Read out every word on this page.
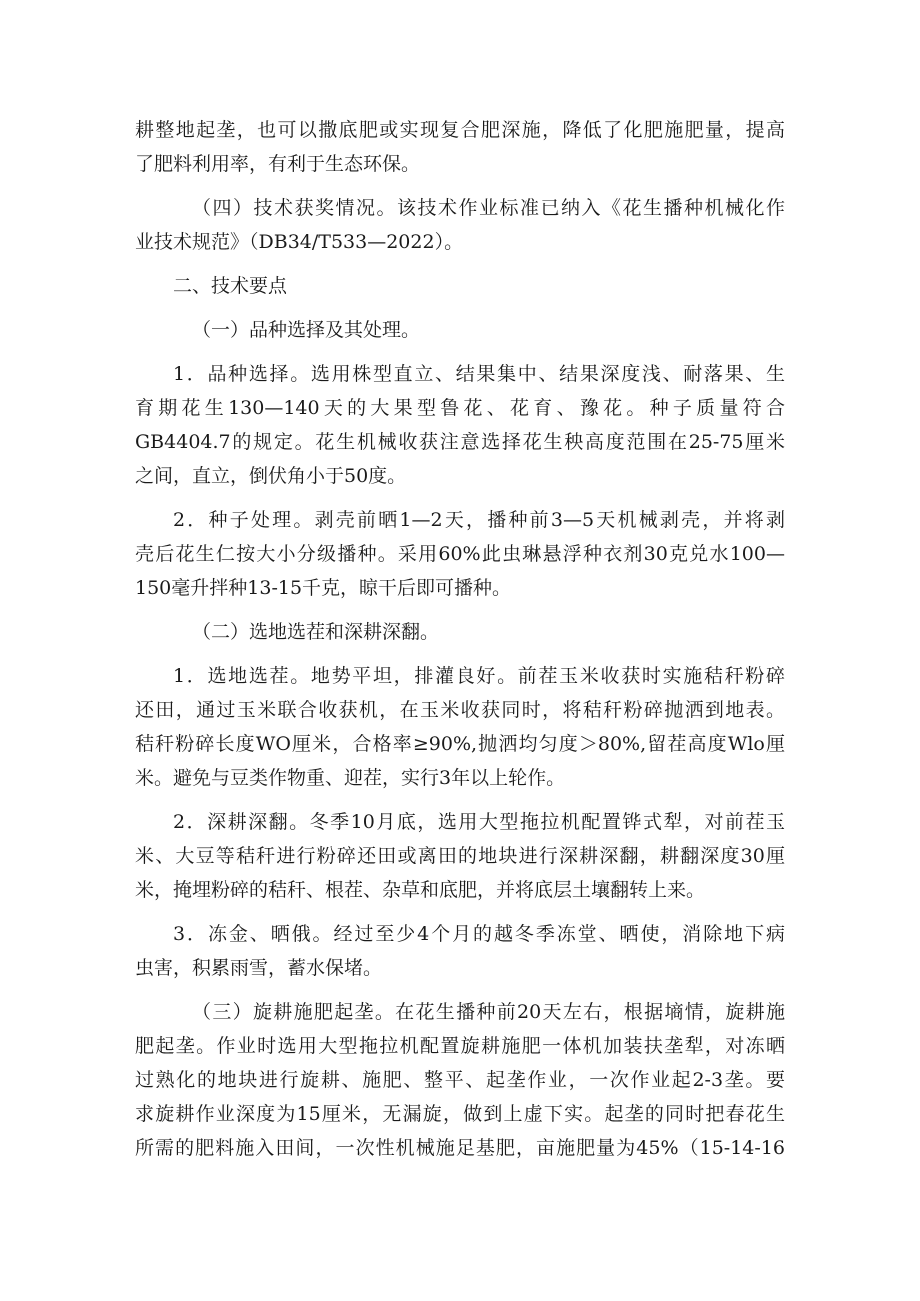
耕整地起垄，也可以撒底肥或实现复合肥深施，降低了化肥施肥量，提高
了肥料利用率，有利于生态环保。
（四）技术获奖情况。该技术作业标准已纳入《花生播种机械化作
业技术规范》（DB34/T533—2022）。
二、技术要点
（一）品种选择及其处理。
1．品种选择。选用株型直立、结果集中、结果深度浅、耐落果、生
育期花生130—140天的大果型鲁花、花育、豫花。种子质量符合
GB4404.7的规定。花生机械收获注意选择花生秧高度范围在25-75厘米
之间，直立，倒伏角小于50度。
2．种子处理。剥壳前晒1—2天，播种前3—5天机械剥壳，并将剥
壳后花生仁按大小分级播种。采用60%此虫琳悬浮种衣剂30克兑水100—
150毫升拌种13-15千克，晾干后即可播种。
（二）选地选茬和深耕深翻。
1．选地选茬。地势平坦，排灌良好。前茬玉米收获时实施秸秆粉碎
还田，通过玉米联合收获机，在玉米收获同时，将秸秆粉碎抛洒到地表。
秸秆粉碎长度WO厘米，合格率≥90%,抛洒均匀度＞80%,留茬高度Wlo厘
米。避免与豆类作物重、迎茬，实行3年以上轮作。
2．深耕深翻。冬季10月底，选用大型拖拉机配置铧式犁，对前茬玉
米、大豆等秸秆进行粉碎还田或离田的地块进行深耕深翻，耕翻深度30厘
米，掩埋粉碎的秸秆、根茬、杂草和底肥，并将底层土壤翻转上来。
3．冻金、晒俄。经过至少4个月的越冬季冻堂、晒使，消除地下病
虫害，积累雨雪，蓄水保堵。
（三）旋耕施肥起垄。在花生播种前20天左右，根据墒情，旋耕施
肥起垄。作业时选用大型拖拉机配置旋耕施肥一体机加装扶垄犁，对冻晒
过熟化的地块进行旋耕、施肥、整平、起垄作业，一次作业起2-3垄。要
求旋耕作业深度为15厘米，无漏旋，做到上虚下实。起垄的同时把春花生
所需的肥料施入田间，一次性机械施足基肥，亩施肥量为45%（15-14-16
